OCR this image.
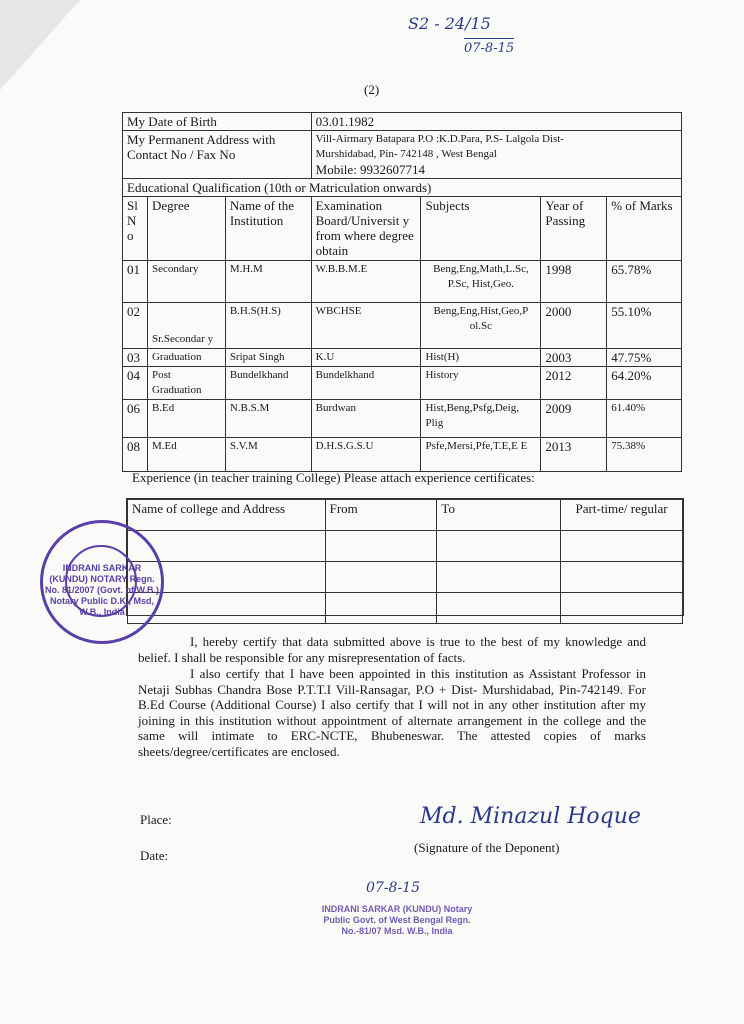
S2 - 24/15
07-8-15
(2)
My Date of Birth			03.01.1982			
My Permanent Address with Contact No / Fax No			Vill-Airmary Batapara P.O :K.D.Para, P.S- Lalgola Dist-
Murshidabad, Pin- 742148 , West Bengal
Mobile: 9932607714			

Educational Qualification (10th or Matriculation onwards)						
Sl N o	Degree	Name of the Institution	Examination Board/Universit y from where degree obtain	Subjects	Year of Passing	% of Marks
01	Secondary	M.H.M	W.B.B.M.E	Beng,Eng,Math,L.Sc, P.Sc, Hist,Geo.	1998	65.78%
02	Sr.Secondar y	B.H.S(H.S)	WBCHSE	Beng,Eng,Hist,Geo,P ol.Sc	2000	55.10%
03	Graduation	Sripat Singh	K.U	Hist(H)	2003	47.75%
04	Post Graduation	Bundelkhand	Bundelkhand	History	2012	64.20%
06	B.Ed	N.B.S.M	Burdwan	Hist,Beng,Psfg,Deig, Plig	2009	61.40%
08	M.Ed	S.V.M	D.H.S.G.S.U	Psfe,Mersi,Pfe,T.E,E E	2013	75.38%
Experience (in teacher training College) Please attach experience certificates:
Name of college and Address	From	To	Part-time/ regular

I, hereby certify that data submitted above is true to the best of my knowledge and belief. I shall be responsible for any misrepresentation of facts.
I also certify that I have been appointed in this institution as Assistant Professor in Netaji Subhas Chandra Bose P.T.T.I Vill-Ransagar, P.O + Dist- Murshidabad, Pin-742149. For B.Ed Course (Additional Course) I also certify that I will not in any other institution after my joining in this institution without appointment of alternate arrangement in the college and the same will intimate to ERC-NCTE, Bhubeneswar. The attested copies of marks sheets/degree/certificates are enclosed.
Place:
Date:
Md. Minazul Hoque
(Signature of the Deponent)
07-8-15
INDRANI SARKAR (KUNDU) NOTARY Regn. No. 81/2007 (Govt. of W.B.) Notary Public D.K., Msd, W.B., India
INDRANI SARKAR (KUNDU) Notary Public Govt. of West Bengal Regn. No.-81/07 Msd. W.B., India
